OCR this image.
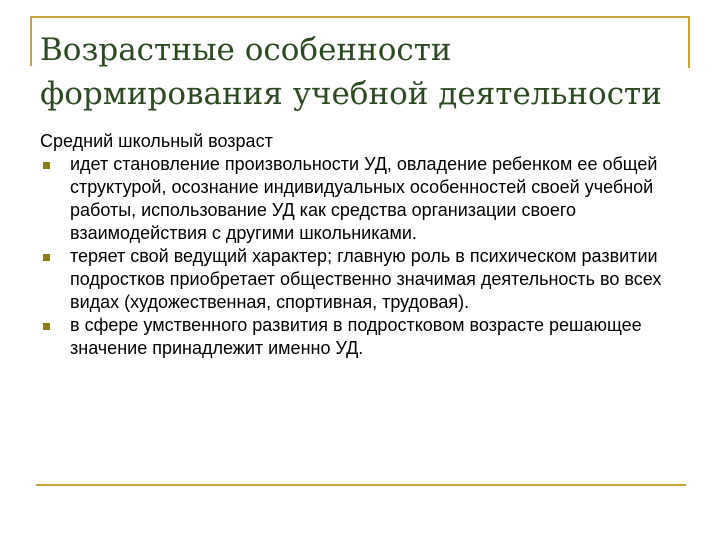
Возрастные особенности
формирования учебной деятельности

Средний школьный возраст

идет становление произвольности УД, овладение ребенком ее общей структурой, осознание индивидуальных особенностей своей учебной работы, использование УД как средства организации своего взаимодействия с другими школьниками.
теряет свой ведущий характер; главную роль в психическом развитии подростков приобретает общественно значимая деятельность во всех видах (художественная, спортивная, трудовая).
в сфере умственного развития в подростковом возрасте решающее значение принадлежит именно УД.
